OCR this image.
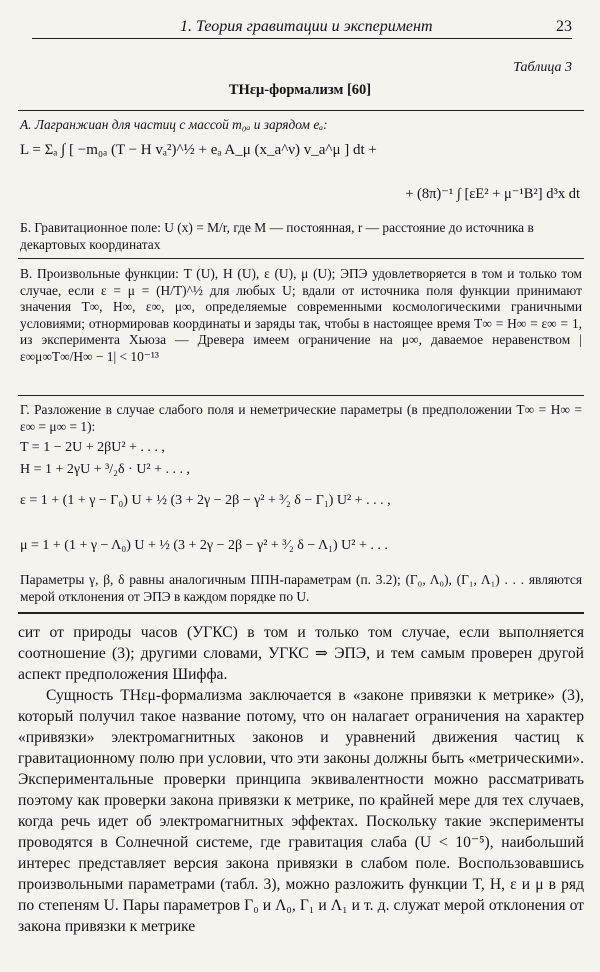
1. Теория гравитации и эксперимент	23
Таблица 3
THεμ-формализм [60]
А. Лагранжиан для частиц с массой m₀ₐ и зарядом eₐ:
L = Σₐ ∫ [ −m₀ₐ (T − H vₐ²)^½ + eₐ A_μ (x_a^ν) v_a^μ ] dt +
+ (8π)⁻¹ ∫ [εE² + μ⁻¹B²] d³x dt
Б. Гравитационное поле: U (x) = M/r, где M — постоянная, r — расстояние до источника в декартовых координатах
В. Произвольные функции: T (U), H (U), ε (U), μ (U); ЭПЭ удовлетворяется в том и только том случае, если ε = μ = (H/T)^½ для любых U; вдали от источника поля функции принимают значения T∞, H∞, ε∞, μ∞, определяемые современными космологическими граничными условиями; отнормировав координаты и заряды так, чтобы в настоящее время T∞ = H∞ = ε∞ = 1, из эксперимента Хьюза — Древера имеем ограничение на μ∞, даваемое неравенством |ε∞μ∞T∞/H∞ − 1| < 10⁻¹³
Г. Разложение в случае слабого поля и неметрические параметры (в предположении T∞ = H∞ = ε∞ = μ∞ = 1):
T = 1 − 2U + 2βU² + . . . ,
H = 1 + 2γU + ³/₂δ · U² + . . . ,
ε = 1 + (1 + γ − Γ₀) U + ½ (3 + 2γ − 2β − γ² + ³⁄₂ δ − Γ₁) U² + . . . ,
μ = 1 + (1 + γ − Λ₀) U + ½ (3 + 2γ − 2β − γ² + ³⁄₂ δ − Λ₁) U² + . . .
Параметры γ, β, δ равны аналогичным ППН-параметрам (п. 3.2); (Γ₀, Λ₀), (Γ₁, Λ₁) . . . являются мерой отклонения от ЭПЭ в каждом порядке по U.

сит от природы часов (УГКС) в том и только том случае, если выполняется соотношение (3); другими словами, УГКС ⇒ ЭПЭ, и тем самым проверен другой аспект предположения Шиффа.

Сущность THεμ-формализма заключается в «законе привязки к метрике» (3), который получил такое название потому, что он налагает ограничения на характер «привязки» электромагнитных законов и уравнений движения частиц к гравитационному полю при условии, что эти законы должны быть «метрическими». Экспериментальные проверки принципа эквивалентности можно рассматривать поэтому как проверки закона привязки к метрике, по крайней мере для тех случаев, когда речь идет об электромагнитных эффектах. Поскольку такие эксперименты проводятся в Солнечной системе, где гравитация слаба (U < 10⁻⁵), наибольший интерес представляет версия закона привязки в слабом поле. Воспользовавшись произвольными параметрами (табл. 3), можно разложить функции T, H, ε и μ в ряд по степеням U. Пары параметров Γ₀ и Λ₀, Γ₁ и Λ₁ и т. д. служат мерой отклонения от закона привязки к метрике
